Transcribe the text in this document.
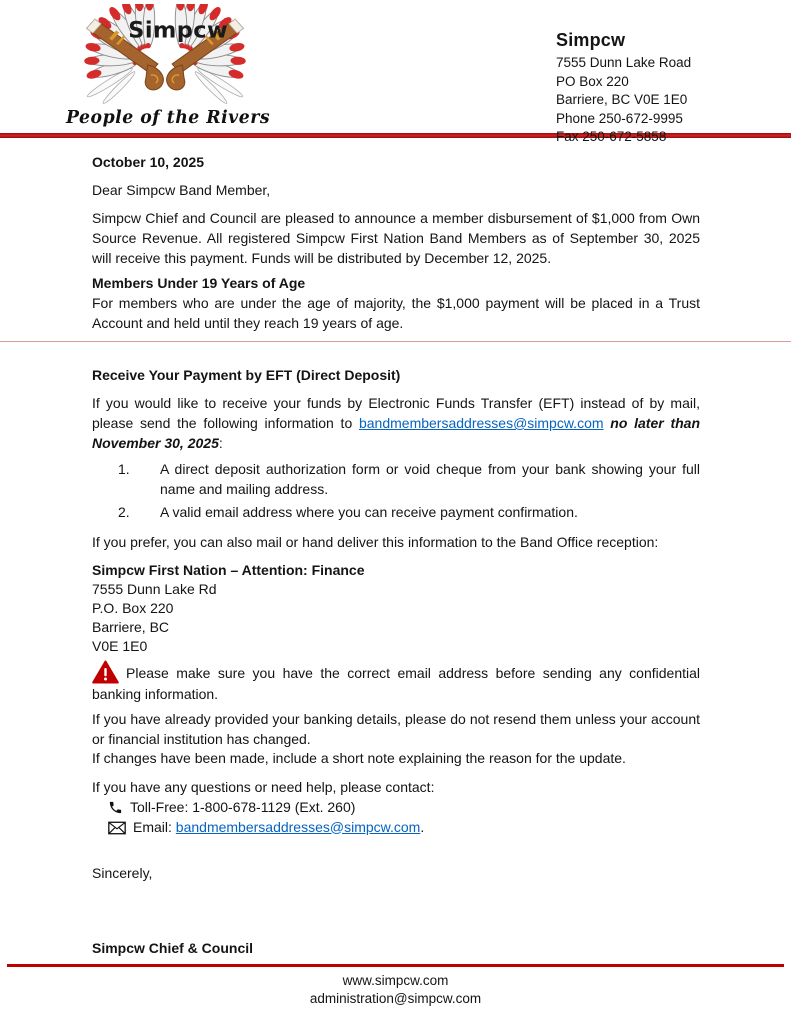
Simpcw
People of the Rivers
Simpcw
7555 Dunn Lake Road
PO Box 220
Barriere, BC V0E 1E0
Phone 250-672-9995
Fax 250-672-5858
October 10, 2025
Dear Simpcw Band Member,

Simpcw Chief and Council are pleased to announce a member disbursement of $1,000 from Own Source Revenue. All registered Simpcw First Nation Band Members as of September 30, 2025 will receive this payment. Funds will be distributed by December 12, 2025.

Members Under 19 Years of Age

For members who are under the age of majority, the $1,000 payment will be placed in a Trust Account and held until they reach 19 years of age.

Receive Your Payment by EFT (Direct Deposit)

If you would like to receive your funds by Electronic Funds Transfer (EFT) instead of by mail, please send the following information to bandmembersaddresses@simpcw.com no later than November 30, 2025:

1.	A direct deposit authorization form or void cheque from your bank showing your full name and mailing address.
2.	A valid email address where you can receive payment confirmation.

If you prefer, you can also mail or hand deliver this information to the Band Office reception:

Simpcw First Nation – Attention: Finance
7555 Dunn Lake Rd
P.O. Box 220
Barriere, BC
V0E 1E0

Please make sure you have the correct email address before sending any confidential banking information.

If you have already provided your banking details, please do not resend them unless your account or financial institution has changed.
If changes have been made, include a short note explaining the reason for the update.
If you have any questions or need help, please contact:
Toll-Free: 1-800-678-1129 (Ext. 260)
Email: bandmembersaddresses@simpcw.com.
Sincerely,
Simpcw Chief & Council
www.simpcw.com
administration@simpcw.com
